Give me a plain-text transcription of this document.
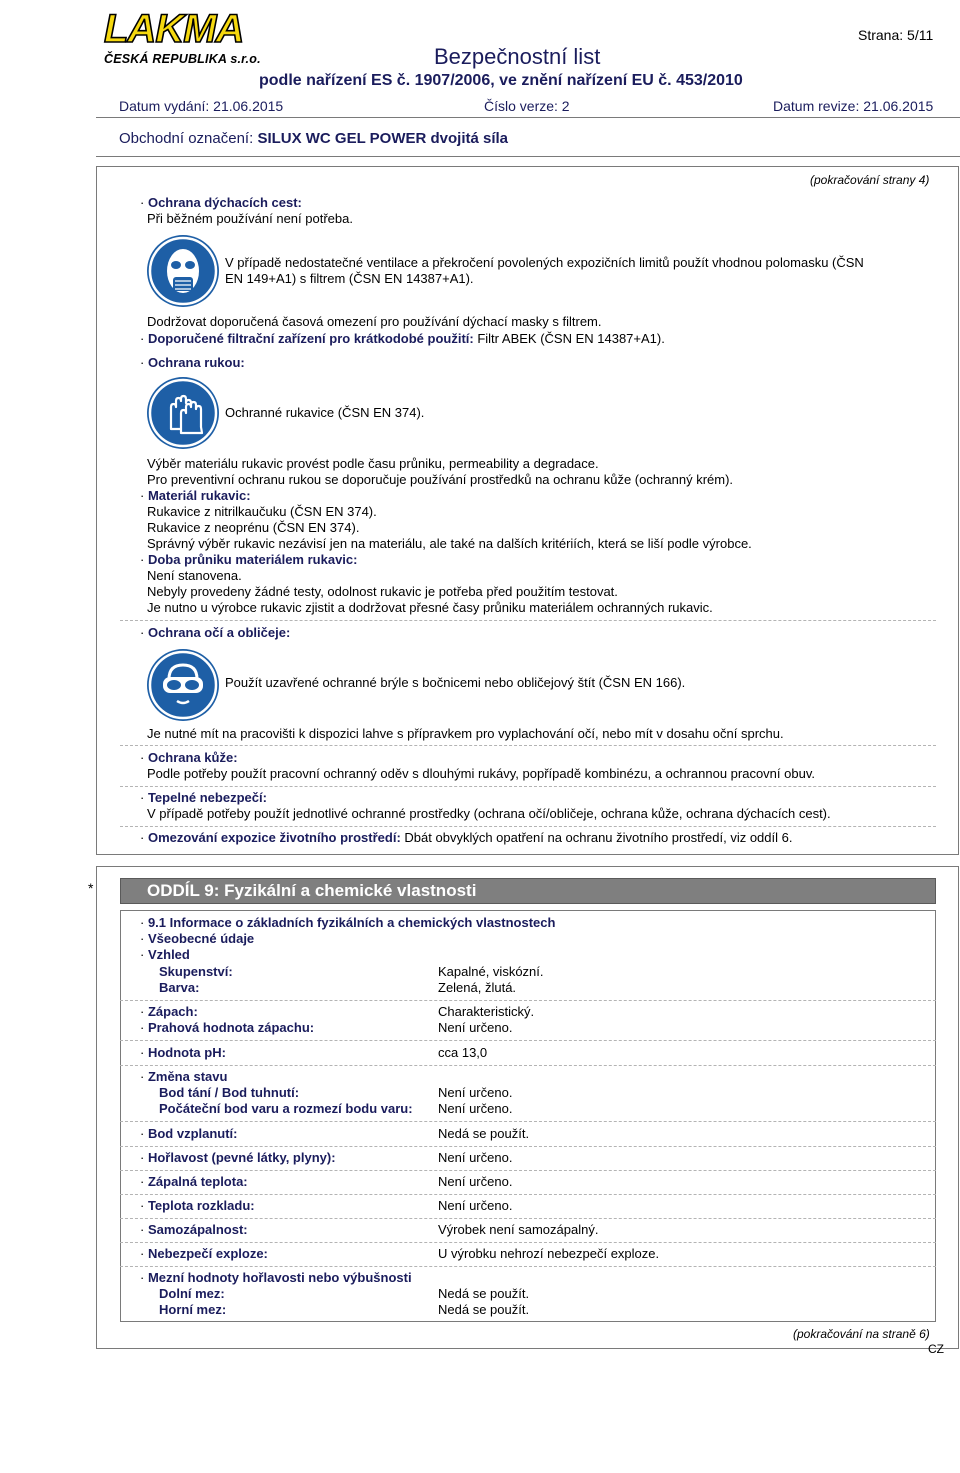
LAKMA
ČESKÁ REPUBLIKA s.r.o.
Strana: 5/11
Bezpečnostní list
podle nařízení ES č. 1907/2006, ve znění nařízení EU č. 453/2010
Datum vydání: 21.06.2015	Číslo verze: 2	Datum revize: 21.06.2015
Obchodní označení: SILUX WC GEL POWER dvojitá síla
(pokračování strany 4)
· Ochrana dýchacích cest:
Při běžném používání není potřeba.
V případě nedostatečné ventilace a překročení povolených expozičních limitů použít vhodnou polomasku (ČSN
EN 149+A1) s filtrem (ČSN EN 14387+A1).
Dodržovat doporučená časová omezení pro používání dýchací masky s filtrem.
· Doporučené filtrační zařízení pro krátkodobé použití: Filtr ABEK (ČSN EN 14387+A1).
· Ochrana rukou:
Ochranné rukavice (ČSN EN 374).
Výběr materiálu rukavic provést podle času průniku, permeability a degradace.
Pro preventivní ochranu rukou se doporučuje používání prostředků na ochranu kůže (ochranný krém).
· Materiál rukavic:
Rukavice z nitrilkaučuku (ČSN EN 374).
Rukavice z neoprénu (ČSN EN 374).
Správný výběr rukavic nezávisí jen na materiálu, ale také na dalších kritériích, která se liší podle výrobce.
· Doba průniku materiálem rukavic:
Není stanovena.
Nebyly provedeny žádné testy, odolnost rukavic je potřeba před použitím testovat.
Je nutno u výrobce rukavic zjistit a dodržovat přesné časy průniku materiálem ochranných rukavic.
· Ochrana očí a obličeje:
Použít uzavřené ochranné brýle s bočnicemi nebo obličejový štít (ČSN EN 166).
Je nutné mít na pracovišti k dispozici lahve s přípravkem pro vyplachování očí, nebo mít v dosahu oční sprchu.
· Ochrana kůže:
Podle potřeby použít pracovní ochranný oděv s dlouhými rukávy, popřípadě kombinézu, a ochrannou pracovní obuv.
· Tepelné nebezpečí:
V případě potřeby použít jednotlivé ochranné prostředky (ochrana očí/obličeje, ochrana kůže, ochrana dýchacích cest).
· Omezování expozice životního prostředí: Dbát obvyklých opatření na ochranu životního prostředí, viz oddíl 6.
*	ODDÍL 9: Fyzikální a chemické vlastnosti
· 9.1 Informace o základních fyzikálních a chemických vlastnostech
· Všeobecné údaje
· Vzhled
Skupenství:	Kapalné, viskózní.
Barva:	Zelená, žlutá.
· Zápach:	Charakteristický.
· Prahová hodnota zápachu:	Není určeno.
· Hodnota pH:	cca 13,0
· Změna stavu
Bod tání / Bod tuhnutí:	Není určeno.
Počáteční bod varu a rozmezí bodu varu: Není určeno.
· Bod vzplanutí:	Nedá se použít.
· Hořlavost (pevné látky, plyny):	Není určeno.
· Zápalná teplota:	Není určeno.
· Teplota rozkladu:	Není určeno.
· Samozápalnost:	Výrobek není samozápalný.
· Nebezpečí exploze:	U výrobku nehrozí nebezpečí exploze.
· Mezní hodnoty hořlavosti nebo výbušnosti
Dolní mez:	Nedá se použít.
Horní mez:	Nedá se použít.
(pokračování na straně 6)
CZ
